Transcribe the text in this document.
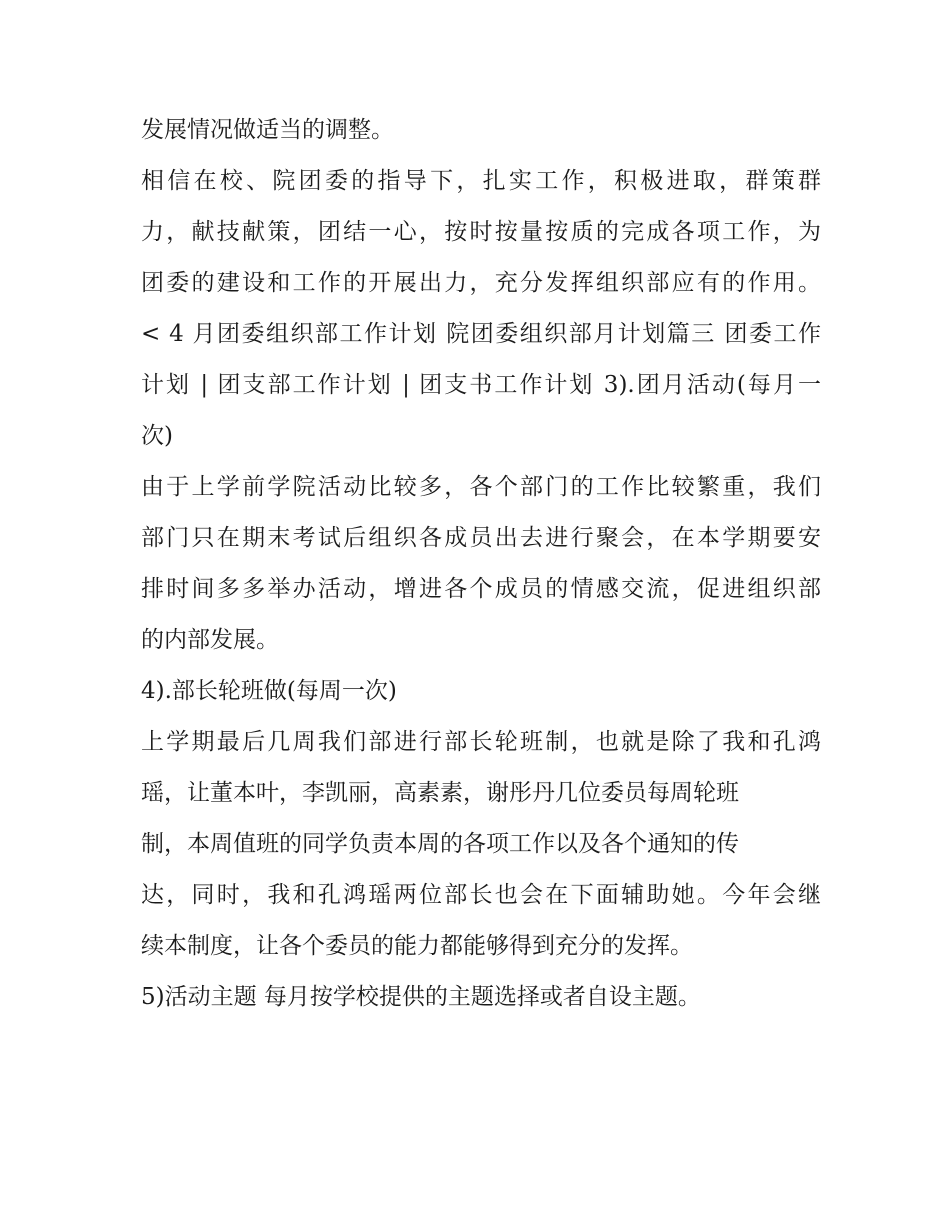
发展情况做适当的调整。
相信在校、院团委的指导下，扎实工作，积极进取，群策群
力，献技献策，团结一心，按时按量按质的完成各项工作，为
团委的建设和工作的开展出力，充分发挥组织部应有的作用。
< 4 月团委组织部工作计划 院团委组织部月计划篇三 团委工作
计划 | 团支部工作计划 | 团支书工作计划 3).团月活动(每月一
次)
由于上学前学院活动比较多，各个部门的工作比较繁重，我们
部门只在期末考试后组织各成员出去进行聚会，在本学期要安
排时间多多举办活动，增进各个成员的情感交流，促进组织部
的内部发展。
4).部长轮班做(每周一次)
上学期最后几周我们部进行部长轮班制，也就是除了我和孔鸿
瑶，让董本叶，李凯丽，高素素，谢彤丹几位委员每周轮班
制，本周值班的同学负责本周的各项工作以及各个通知的传
达，同时，我和孔鸿瑶两位部长也会在下面辅助她。今年会继
续本制度，让各个委员的能力都能够得到充分的发挥。
5)活动主题 每月按学校提供的主题选择或者自设主题。
